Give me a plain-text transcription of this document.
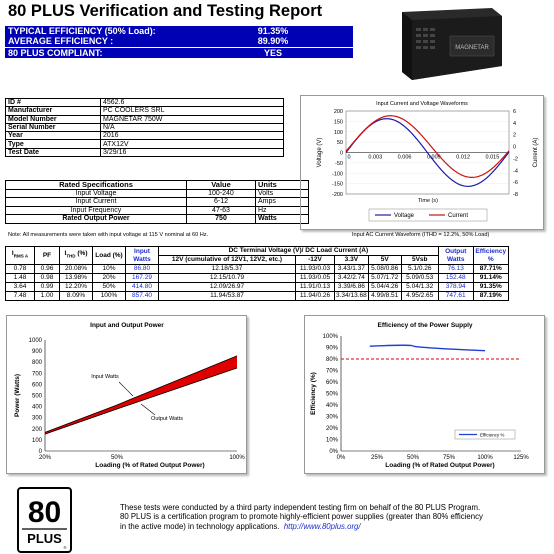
80 PLUS Verification and Testing Report
TYPICAL EFFICIENCY (50% Load):	91.35%
AVERAGE EFFICIENCY :	89.90%
80 PLUS COMPLIANT:	YES	MAGNETAR
ID #	4562.6
Manufacturer	PC COOLERS SRL
Model Number	MAGNETAR 750W
Serial Number	N/A
Year	2016
Type	ATX12V
Test Date	3/29/16
Rated Specifications	Value	Units
Input Voltage	100-240	Volts
Input Current	6-12	Amps
Input Frequency	47-63	Hz
Rated Output Power	750	Watts
Note: All measurements were taken with input voltage at 115 V nominal at 60 Hz.
Input Current and Voltage Waveforms
200
150
100
50
0
-50
-100
-150
-200
6
4
2
0
-2
-4
-6
-8
0	0.003	0.006	0.009	0.012	0.015
Voltage (V)	Current (A)
Time (s)
Voltage	Current
Input AC Current Waveform (ITHD = 12.2%, 50% Load)
$I_{RMS A}$	PF	$I_{THD}$ (%)	Load (%)	Input Watts	DC Terminal Voltage (V)/ DC Load Current (A)					Output Watts	Efficiency %
					12V (cumulative of 12V1, 12V2, etc.)	-12V	3.3V	5V	5Vsb		
0.78	0.96	20.08%	10%	86.80	12.18/5.37	11.93/0.03	3.43/1.37	5.08/0.86	5.1/0.26	76.13	87.71%
1.48	0.98	13.98%	20%	167.29	12.15/10.79	11.93/0.05	3.42/2.74	5.07/1.72	5.09/0.53	152.48	91.14%
3.64	0.99	12.20%	50%	414.80	12.09/26.97	11.91/0.13	3.39/6.86	5.04/4.26	5.04/1.32	378.94	91.35%
7.48	1.00	8.09%	100%	857.40	11.94/53.87	11.94/0.26	3.34/13.68	4.99/8.51	4.95/2.65	747.61	87.19%
Input and Output Power
1000
900
800
700
600
500
400
300
200
100
0
20%	50%	100%
Power (Watts)	Input Watts
Output Watts
Loading (% of Rated Output Power)
Efficiency of the Power Supply
100%
90%
80%
70%
60%
50%
40%
30%
20%
10%
0%
0%	25%	50%	75%	100%	125%
Efficiency (%)
Efficiency %
Loading (% of Rated Output Power)
80
PLUS
®
These tests were conducted by a third party independent testing firm on behalf of the 80 PLUS Program.
80 PLUS is a certification program to promote highly-efficient power supplies (greater than 80% efficiency
in the active mode) in technology applications. http://www.80plus.org/
